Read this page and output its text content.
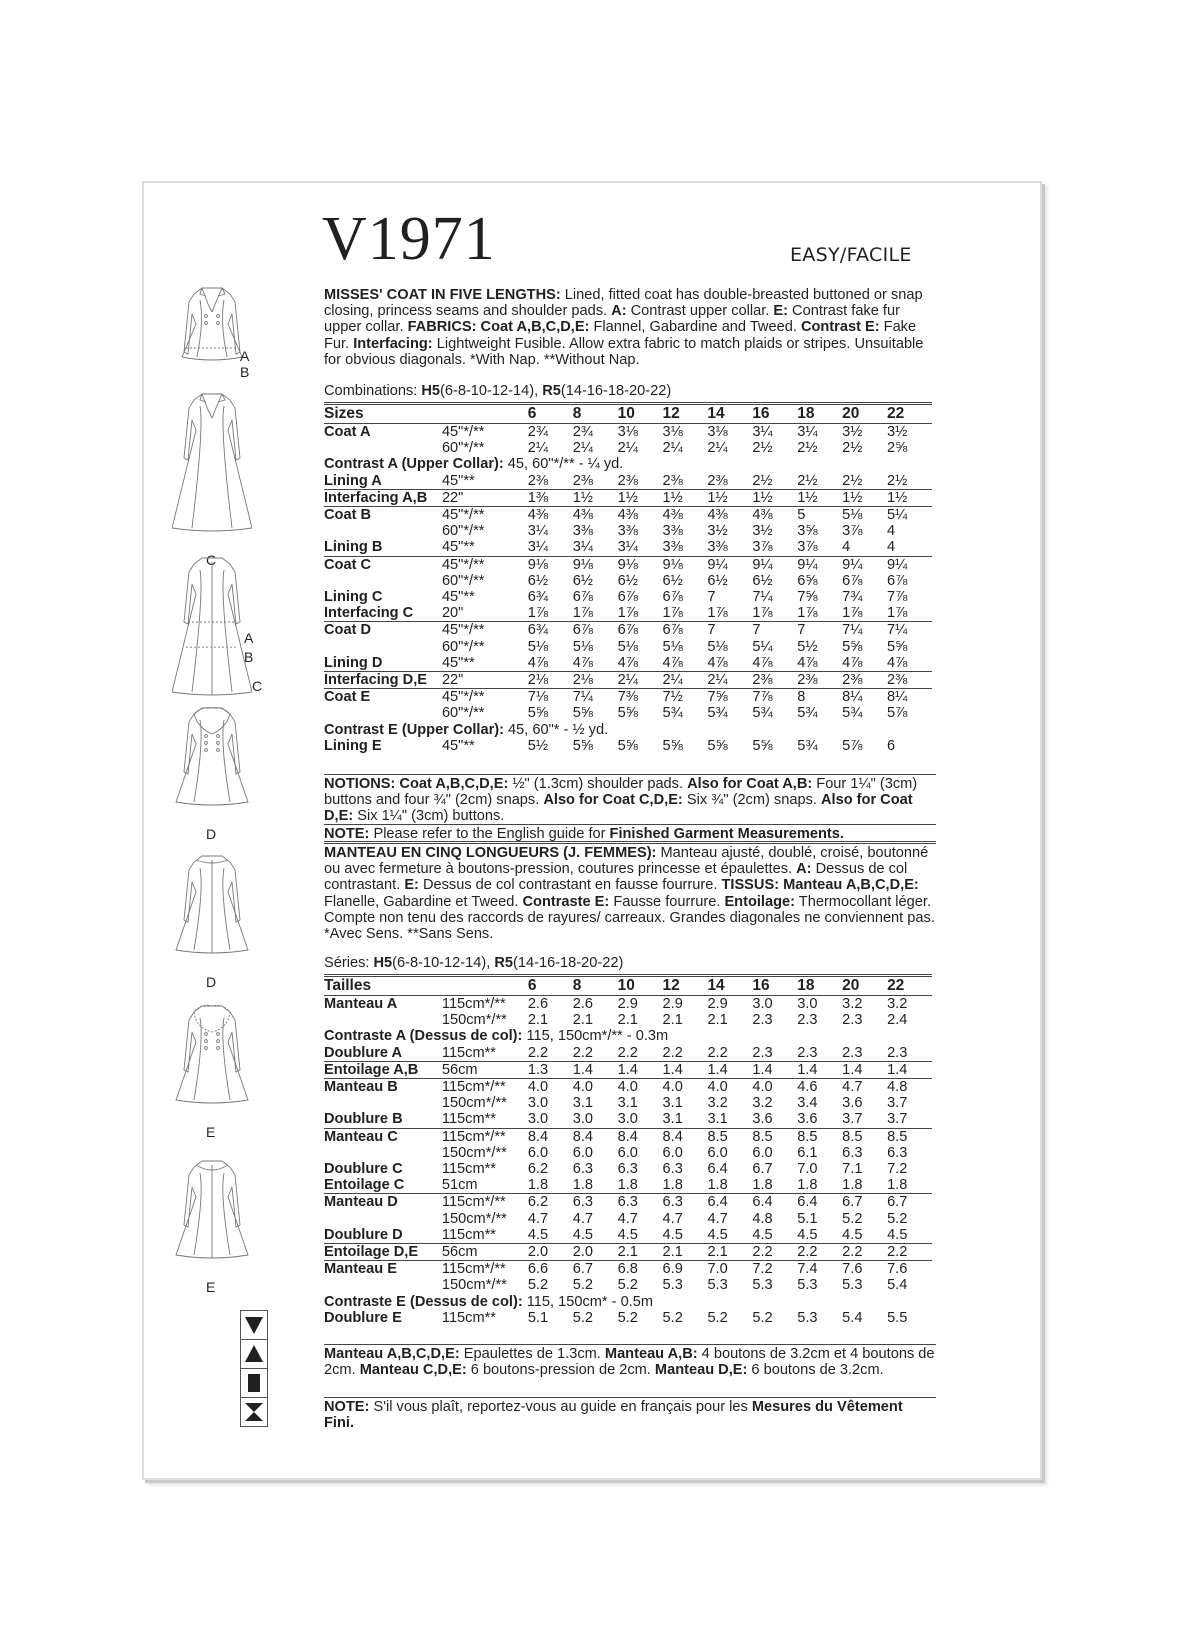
V1971	EASY/FACILE
MISSES' COAT IN FIVE LENGTHS: Lined, fitted coat has double-breasted buttoned or snap closing, princess seams and shoulder pads. A: Contrast upper collar. E: Contrast fake fur upper collar. FABRICS: Coat A,B,C,D,E: Flannel, Gabardine and Tweed. Contrast E: Fake Fur. Interfacing: Lightweight Fusible. Allow extra fabric to match plaids or stripes. Unsuitable for obvious diagonals. *With Nap. **Without Nap.
Combinations: H5(6-8-10-12-14), R5(14-16-18-20-22)
Sizes		6	8	10	12	14	16	18	20	22
Coat A	45"*/**	2¾	2¾	3⅛	3⅛	3⅛	3¼	3¼	3½	3½
	60"*/**	2¼	2¼	2¼	2¼	2¼	2½	2½	2½	2⅝
Contrast A (Upper Collar): 45, 60"*/** - ¼ yd.										
Lining A	45"**	2⅜	2⅜	2⅜	2⅜	2⅜	2½	2½	2½	2½
Interfacing A,B	22"	1⅜	1½	1½	1½	1½	1½	1½	1½	1½
Coat B	45"*/**	4⅜	4⅜	4⅜	4⅜	4⅜	4⅜	5	5⅛	5¼
	60"*/**	3¼	3⅜	3⅜	3⅜	3½	3½	3⅝	3⅞	4
Lining B	45"**	3¼	3¼	3¼	3⅜	3⅜	3⅞	3⅞	4	4
Coat C	45"*/**	9⅛	9⅛	9⅛	9⅛	9¼	9¼	9¼	9¼	9¼
	60"*/**	6½	6½	6½	6½	6½	6½	6⅝	6⅞	6⅞
Lining C	45"**	6¾	6⅞	6⅞	6⅞	7	7¼	7⅝	7¾	7⅞
Interfacing C	20"	1⅞	1⅞	1⅞	1⅞	1⅞	1⅞	1⅞	1⅞	1⅞
Coat D	45"*/**	6¾	6⅞	6⅞	6⅞	7	7	7	7¼	7¼
	60"*/**	5⅛	5⅛	5⅛	5⅛	5⅛	5¼	5½	5⅝	5⅝
Lining D	45"**	4⅞	4⅞	4⅞	4⅞	4⅞	4⅞	4⅞	4⅞	4⅞
Interfacing D,E	22"	2⅛	2⅛	2¼	2¼	2¼	2⅜	2⅜	2⅜	2⅜
Coat E	45"*/**	7⅛	7¼	7⅜	7½	7⅝	7⅞	8	8¼	8¼
	60"*/**	5⅝	5⅝	5⅝	5¾	5¾	5¾	5¾	5¾	5⅞
Contrast E (Upper Collar): 45, 60"* - ½ yd.										
Lining E	45"**	5½	5⅝	5⅝	5⅝	5⅝	5⅝	5¾	5⅞	6
NOTIONS: Coat A,B,C,D,E: ½" (1.3cm) shoulder pads. Also for Coat A,B: Four 1¼" (3cm) buttons and four ¾" (2cm) snaps. Also for Coat C,D,E: Six ¾" (2cm) snaps. Also for Coat D,E: Six 1¼" (3cm) buttons.
NOTE: Please refer to the English guide for Finished Garment Measurements.
MANTEAU EN CINQ LONGUEURS (J. FEMMES): Manteau ajusté, doublé, croisé, boutonné ou avec fermeture à boutons-pression, coutures princesse et épaulettes. A: Dessus de col contrastant. E: Dessus de col contrastant en fausse fourrure. TISSUS: Manteau A,B,C,D,E: Flanelle, Gabardine et Tweed. Contraste E: Fausse fourrure. Entoilage: Thermocollant léger. Compte non tenu des raccords de rayures/ carreaux. Grandes diagonales ne conviennent pas. *Avec Sens. **Sans Sens.
Séries: H5(6-8-10-12-14), R5(14-16-18-20-22)
Tailles		6	8	10	12	14	16	18	20	22
Manteau A	115cm*/**	2.6	2.6	2.9	2.9	2.9	3.0	3.0	3.2	3.2
	150cm*/**	2.1	2.1	2.1	2.1	2.1	2.3	2.3	2.3	2.4
Contraste A (Dessus de col): 115, 150cm*/** - 0.3m										
Doublure A	115cm**	2.2	2.2	2.2	2.2	2.2	2.3	2.3	2.3	2.3
Entoilage A,B	56cm	1.3	1.4	1.4	1.4	1.4	1.4	1.4	1.4	1.4
Manteau B	115cm*/**	4.0	4.0	4.0	4.0	4.0	4.0	4.6	4.7	4.8
	150cm*/**	3.0	3.1	3.1	3.1	3.2	3.2	3.4	3.6	3.7
Doublure B	115cm**	3.0	3.0	3.0	3.1	3.1	3.6	3.6	3.7	3.7
Manteau C	115cm*/**	8.4	8.4	8.4	8.4	8.5	8.5	8.5	8.5	8.5
	150cm*/**	6.0	6.0	6.0	6.0	6.0	6.0	6.1	6.3	6.3
Doublure C	115cm**	6.2	6.3	6.3	6.3	6.4	6.7	7.0	7.1	7.2
Entoilage C	51cm	1.8	1.8	1.8	1.8	1.8	1.8	1.8	1.8	1.8
Manteau D	115cm*/**	6.2	6.3	6.3	6.3	6.4	6.4	6.4	6.7	6.7
	150cm*/**	4.7	4.7	4.7	4.7	4.7	4.8	5.1	5.2	5.2
Doublure D	115cm**	4.5	4.5	4.5	4.5	4.5	4.5	4.5	4.5	4.5
Entoilage D,E	56cm	2.0	2.0	2.1	2.1	2.1	2.2	2.2	2.2	2.2
Manteau E	115cm*/**	6.6	6.7	6.8	6.9	7.0	7.2	7.4	7.6	7.6
	150cm*/**	5.2	5.2	5.2	5.3	5.3	5.3	5.3	5.3	5.4
Contraste E (Dessus de col): 115, 150cm* - 0.5m										
Doublure E	115cm**	5.1	5.2	5.2	5.2	5.2	5.2	5.3	5.4	5.5
Manteau A,B,C,D,E: Epaulettes de 1.3cm. Manteau A,B: 4 boutons de 3.2cm et 4 boutons de 2cm. Manteau C,D,E: 6 boutons-pression de 2cm. Manteau D,E: 6 boutons de 3.2cm.
NOTE: S'il vous plaît, reportez-vous au guide en français pour les Mesures du Vêtement Fini.
A
B
C
A
B
C
D
D
E
E
